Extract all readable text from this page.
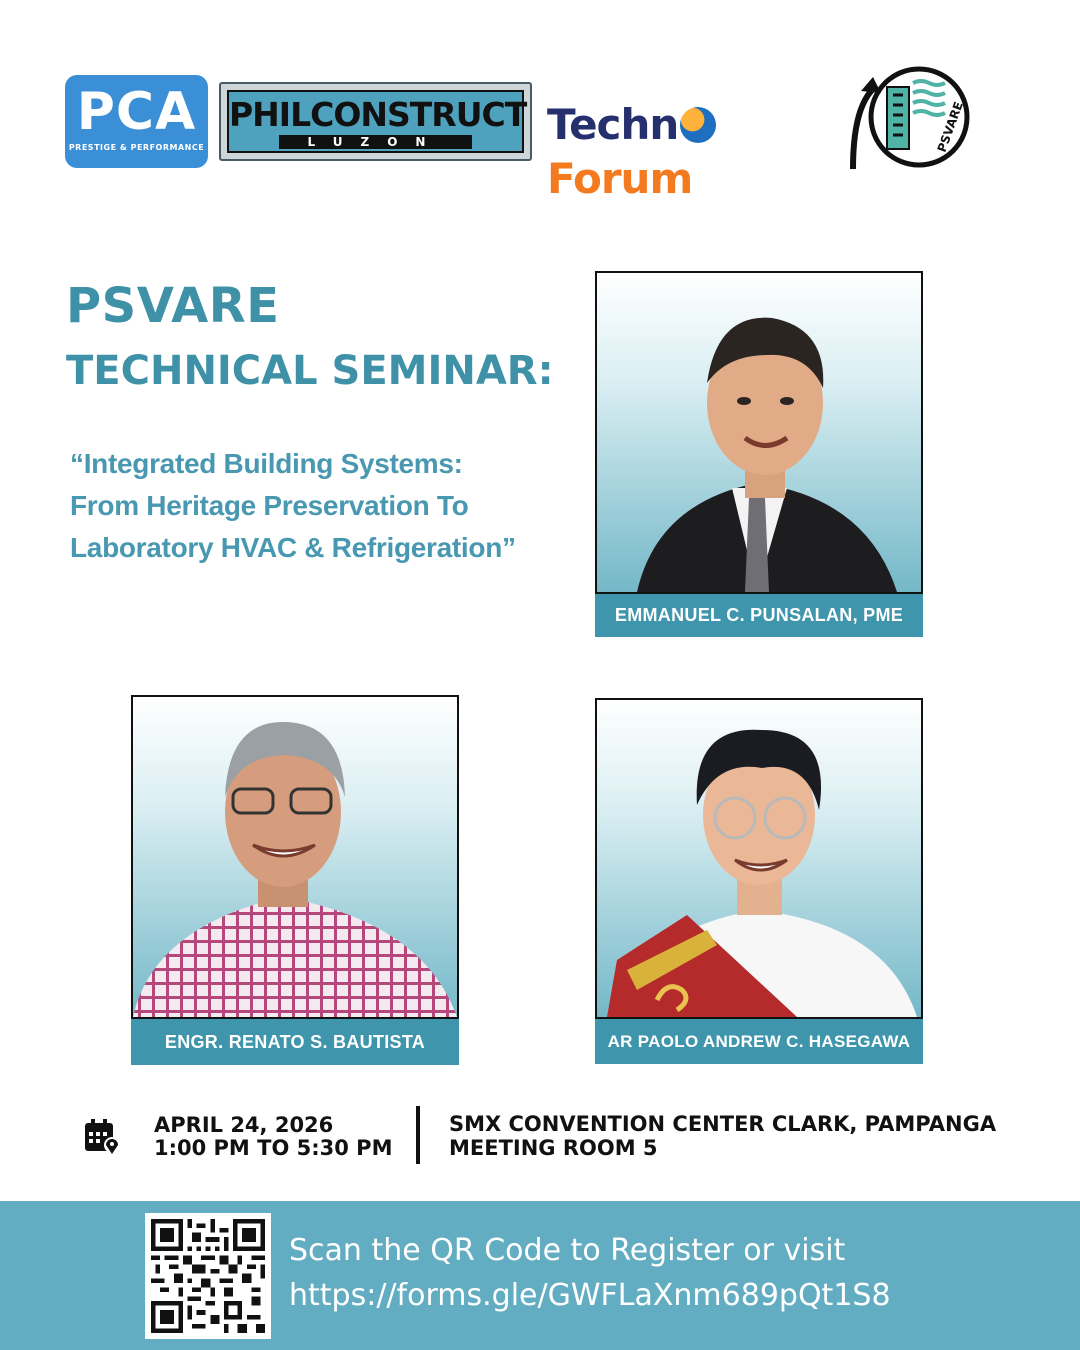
PCA
PRESTIGE & PERFORMANCE
PHILCONSTRUCT
LUZON	TechnForum
PSVARE
PSVARE
TECHNICAL SEMINAR:
“Integrated Building Systems:
From Heritage Preservation To
Laboratory HVAC & Refrigeration”
EMMANUEL C. PUNSALAN, PME
ENGR. RENATO S. BAUTISTA	AR PAOLO ANDREW C. HASEGAWA
APRIL 24, 2026
1:00 PM TO 5:30 PM
SMX CONVENTION CENTER CLARK, PAMPANGA
MEETING ROOM 5
Scan the QR Code to Register or visit
https://forms.gle/GWFLaXnm689pQt1S8
